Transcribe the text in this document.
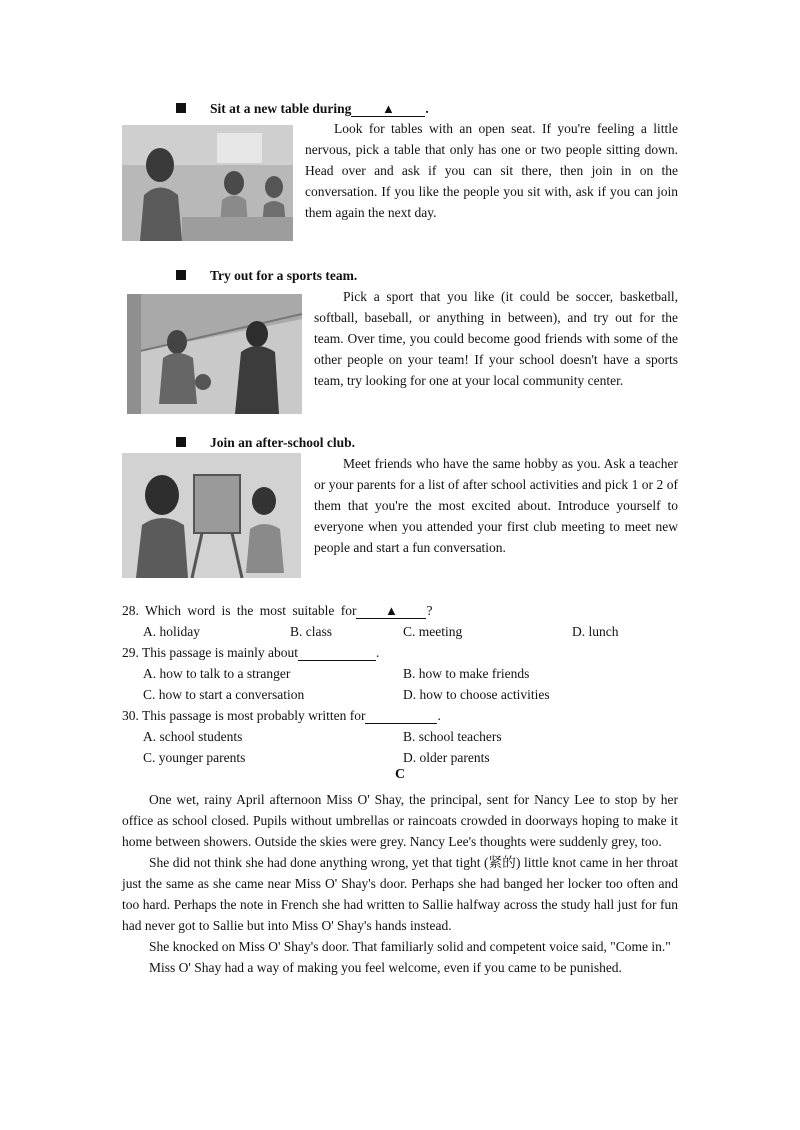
Sit at a new table during ▲ .
Look for tables with an open seat. If you're feeling a little nervous, pick a table that only has one or two people sitting down. Head over and ask if you can sit there, then join in on the conversation. If you like the people you sit with, ask if you can join them again the next day.
Try out for a sports team.
Pick a sport that you like (it could be soccer, basketball, softball, baseball, or anything in between), and try out for the team. Over time, you could become good friends with some of the other people on your team! If your school doesn't have a sports team, try looking for one at your local community center.
Join an after-school club.
Meet friends who have the same hobby as you. Ask a teacher or your parents for a list of after school activities and pick 1 or 2 of them that you're the most excited about. Introduce yourself to everyone when you attended your first club meeting to meet new people and start a fun conversation.
28. Which word is the most suitable for ▲ ?
A. holiday	B. class	C. meeting	D. lunch
29. This passage is mainly about	.
A. how to talk to a stranger	B. how to make friends
C. how to start a conversation	D. how to choose activities
30. This passage is most probably written for	.
A. school students	B. school teachers
C. younger parents	D. older parents
C

One wet, rainy April afternoon Miss O' Shay, the principal, sent for Nancy Lee to stop by her office as school closed. Pupils without umbrellas or raincoats crowded in doorways hoping to make it home between showers. Outside the skies were grey. Nancy Lee's thoughts were suddenly grey, too.

She did not think she had done anything wrong, yet that tight (紧的) little knot came in her throat just the same as she came near Miss O' Shay's door. Perhaps she had banged her locker too often and too hard. Perhaps the note in French she had written to Sallie halfway across the study hall just for fun had never got to Sallie but into Miss O' Shay's hands instead.

She knocked on Miss O' Shay's door. That familiarly solid and competent voice said, "Come in."

Miss O' Shay had a way of making you feel welcome, even if you came to be punished.
